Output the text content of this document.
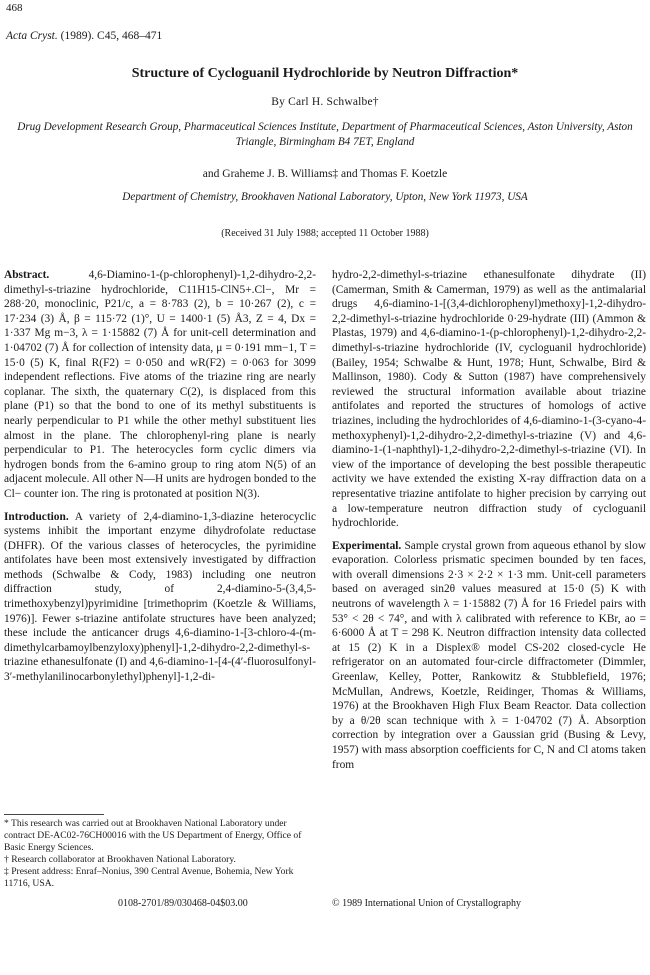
468
Acta Cryst. (1989). C45, 468–471
Structure of Cycloguanil Hydrochloride by Neutron Diffraction*
By Carl H. Schwalbe†
Drug Development Research Group, Pharmaceutical Sciences Institute, Department of Pharmaceutical Sciences, Aston University, Aston Triangle, Birmingham B4 7ET, England
and Graheme J. B. Williams‡ and Thomas F. Koetzle
Department of Chemistry, Brookhaven National Laboratory, Upton, New York 11973, USA
(Received 31 July 1988; accepted 11 October 1988)

Abstract.	4,6-Diamino-1-(p-chlorophenyl)-1,2-dihydro-2,2-dimethyl-s-triazine hydrochloride, C11H15-ClN5+.Cl−, Mr = 288·20, monoclinic, P21/c, a = 8·783 (2), b = 10·267 (2), c = 17·234 (3) Å, β = 115·72 (1)°, U = 1400·1 (5) Å3, Z = 4, Dx = 1·337 Mg m−3, λ = 1·15882 (7) Å for unit-cell determination and 1·04702 (7) Å for collection of intensity data, μ = 0·191 mm−1, T = 15·0 (5) K, final R(F2) = 0·050 and wR(F2) = 0·063 for 3099 independent reflections. Five atoms of the triazine ring are nearly coplanar. The sixth, the quaternary C(2), is displaced from this plane (P1) so that the bond to one of its methyl substituents is nearly perpendicular to P1 while the other methyl substituent lies almost in the plane. The chlorophenyl-ring plane is nearly perpendicular to P1. The heterocycles form cyclic dimers via hydrogen bonds from the 6-amino group to ring atom N(5) of an adjacent molecule. All other N—H units are hydrogen bonded to the Cl− counter ion. The ring is protonated at position N(3).

Introduction. A variety of 2,4-diamino-1,3-diazine heterocyclic systems inhibit the important enzyme dihydrofolate reductase (DHFR). Of the various classes of heterocycles, the pyrimidine antifolates have been most extensively investigated by diffraction methods (Schwalbe & Cody, 1983) including one neutron diffraction study, of 2,4-diamino-5-(3,4,5-trimethoxybenzyl)pyrimidine [trimethoprim (Koetzle & Williams, 1976)]. Fewer s-triazine antifolate structures have been analyzed; these include the anticancer drugs 4,6-diamino-1-[3-chloro-4-(m-dimethylcarbamoylbenzyloxy)phenyl]-1,2-dihydro-2,2-dimethyl-s-triazine ethanesulfonate (I) and 4,6-diamino-1-[4-(4′-fluorosulfonyl-3′-methylanilinocarbonylethyl)phenyl]-1,2-di-

hydro-2,2-dimethyl-s-triazine ethanesulfonate dihydrate (II) (Camerman, Smith & Camerman, 1979) as well as the antimalarial drugs 4,6-diamino-1-[(3,4-dichlorophenyl)methoxy]-1,2-dihydro-2,2-dimethyl-s-triazine hydrochloride 0·29-hydrate (III) (Ammon & Plastas, 1979) and 4,6-diamino-1-(p-chlorophenyl)-1,2-dihydro-2,2-dimethyl-s-triazine hydrochloride (IV, cycloguanil hydrochloride) (Bailey, 1954; Schwalbe & Hunt, 1978; Hunt, Schwalbe, Bird & Mallinson, 1980). Cody & Sutton (1987) have comprehensively reviewed the structural information available about triazine antifolates and reported the structures of homologs of active triazines, including the hydrochlorides of 4,6-diamino-1-(3-cyano-4-methoxyphenyl)-1,2-dihydro-2,2-dimethyl-s-triazine (V) and 4,6-diamino-1-(1-naphthyl)-1,2-dihydro-2,2-dimethyl-s-triazine (VI). In view of the importance of developing the best possible therapeutic activity we have extended the existing X-ray diffraction data on a representative triazine antifolate to higher precision by carrying out a low-temperature neutron diffraction study of cycloguanil hydrochloride.

Experimental. Sample crystal grown from aqueous ethanol by slow evaporation. Colorless prismatic specimen bounded by ten faces, with overall dimensions 2·3 × 2·2 × 1·3 mm. Unit-cell parameters based on averaged sin2θ values measured at 15·0 (5) K with neutrons of wavelength λ = 1·15882 (7) Å for 16 Friedel pairs with 53° < 2θ < 74°, and with λ calibrated with reference to KBr, ao = 6·6000 Å at T = 298 K. Neutron diffraction intensity data collected at 15 (2) K in a Displex® model CS-202 closed-cycle He refrigerator on an automated four-circle diffractometer (Dimmler, Greenlaw, Kelley, Potter, Rankowitz & Stubblefield, 1976; McMullan, Andrews, Koetzle, Reidinger, Thomas & Williams, 1976) at the Brookhaven High Flux Beam Reactor. Data collection by a θ/2θ scan technique with λ = 1·04702 (7) Å. Absorption correction by integration over a Gaussian grid (Busing & Levy, 1957) with mass absorption coefficients for C, N and Cl atoms taken from

* This research was carried out at Brookhaven National Laboratory under contract DE-AC02-76CH00016 with the US Department of Energy, Office of Basic Energy Sciences.

† Research collaborator at Brookhaven National Laboratory.

‡ Present address: Enraf–Nonius, 390 Central Avenue, Bohemia, New York 11716, USA.

0108-2701/89/030468-04$03.00	© 1989 International Union of Crystallography
